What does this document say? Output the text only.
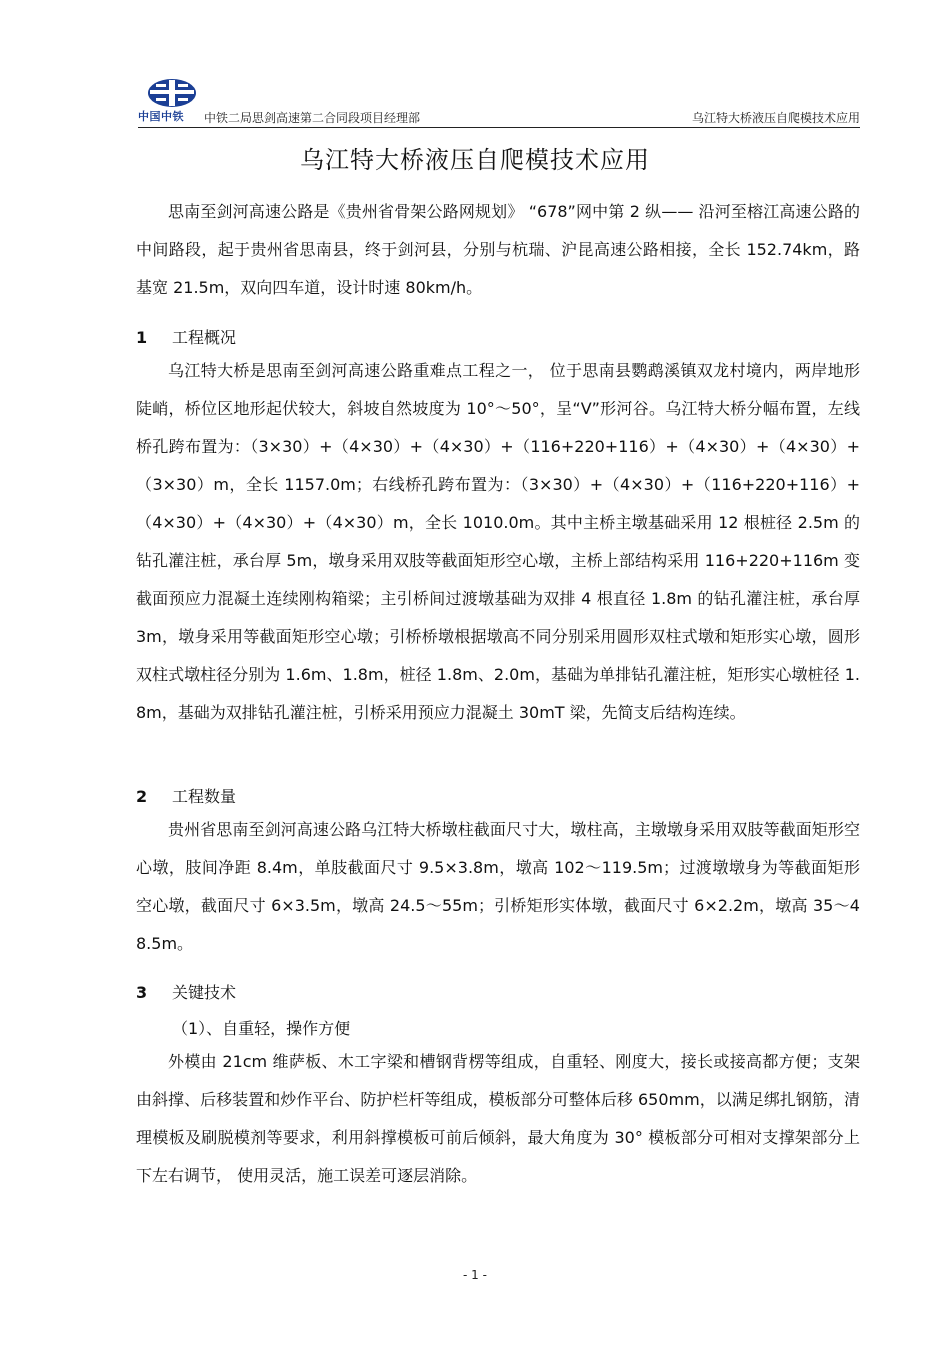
中国中铁 中铁二局思剑高速第二合同段项目经理部	乌江特大桥液压自爬模技术应用
乌江特大桥液压自爬模技术应用

思南至剑河高速公路是《贵州省骨架公路网规划》 “678”网中第 2 纵—— 沿河至榕江高速公路的中间路段，起于贵州省思南县，终于剑河县，分别与杭瑞、沪昆高速公路相接，全长 152.74km，路基宽 21.5m，双向四车道，设计时速 80km/h。

1 工程概况

乌江特大桥是思南至剑河高速公路重难点工程之一， 位于思南县鹦鹉溪镇双龙村境内，两岸地形陡峭，桥位区地形起伏较大，斜坡自然坡度为 10°～50°，呈“V”形河谷。乌江特大桥分幅布置，左线桥孔跨布置为：（3×30）+（4×30）+（4×30）+（116+220+116）+（4×30）+（4×30）+（3×30）m，全长 1157.0m；右线桥孔跨布置为：（3×30）+（4×30）+（116+220+116）+（4×30）+（4×30）+（4×30）m，全长 1010.0m。其中主桥主墩基础采用 12 根桩径 2.5m 的钻孔灌注桩，承台厚 5m，墩身采用双肢等截面矩形空心墩，主桥上部结构采用 116+220+116m 变截面预应力混凝土连续刚构箱梁；主引桥间过渡墩基础为双排 4 根直径 1.8m 的钻孔灌注桩，承台厚 3m，墩身采用等截面矩形空心墩；引桥桥墩根据墩高不同分别采用圆形双柱式墩和矩形实心墩，圆形双柱式墩柱径分别为 1.6m、1.8m，桩径 1.8m、2.0m，基础为单排钻孔灌注桩，矩形实心墩桩径 1.8m，基础为双排钻孔灌注桩，引桥采用预应力混凝土 30mT 梁，先简支后结构连续。

2 工程数量

贵州省思南至剑河高速公路乌江特大桥墩柱截面尺寸大，墩柱高，主墩墩身采用双肢等截面矩形空心墩，肢间净距 8.4m，单肢截面尺寸 9.5×3.8m，墩高 102～119.5m；过渡墩墩身为等截面矩形空心墩，截面尺寸 6×3.5m，墩高 24.5～55m；引桥矩形实体墩，截面尺寸 6×2.2m，墩高 35～48.5m。

3 关键技术
（1）、自重轻，操作方便

外模由 21cm 维萨板、木工字梁和槽钢背楞等组成，自重轻、刚度大，接长或接高都方便；支架由斜撑、后移装置和炒作平台、防护栏杆等组成，模板部分可整体后移 650mm，以满足绑扎钢筋，清理模板及刷脱模剂等要求，利用斜撑模板可前后倾斜，最大角度为 30° 模板部分可相对支撑架部分上下左右调节， 使用灵活，施工误差可逐层消除。

- 1 -
